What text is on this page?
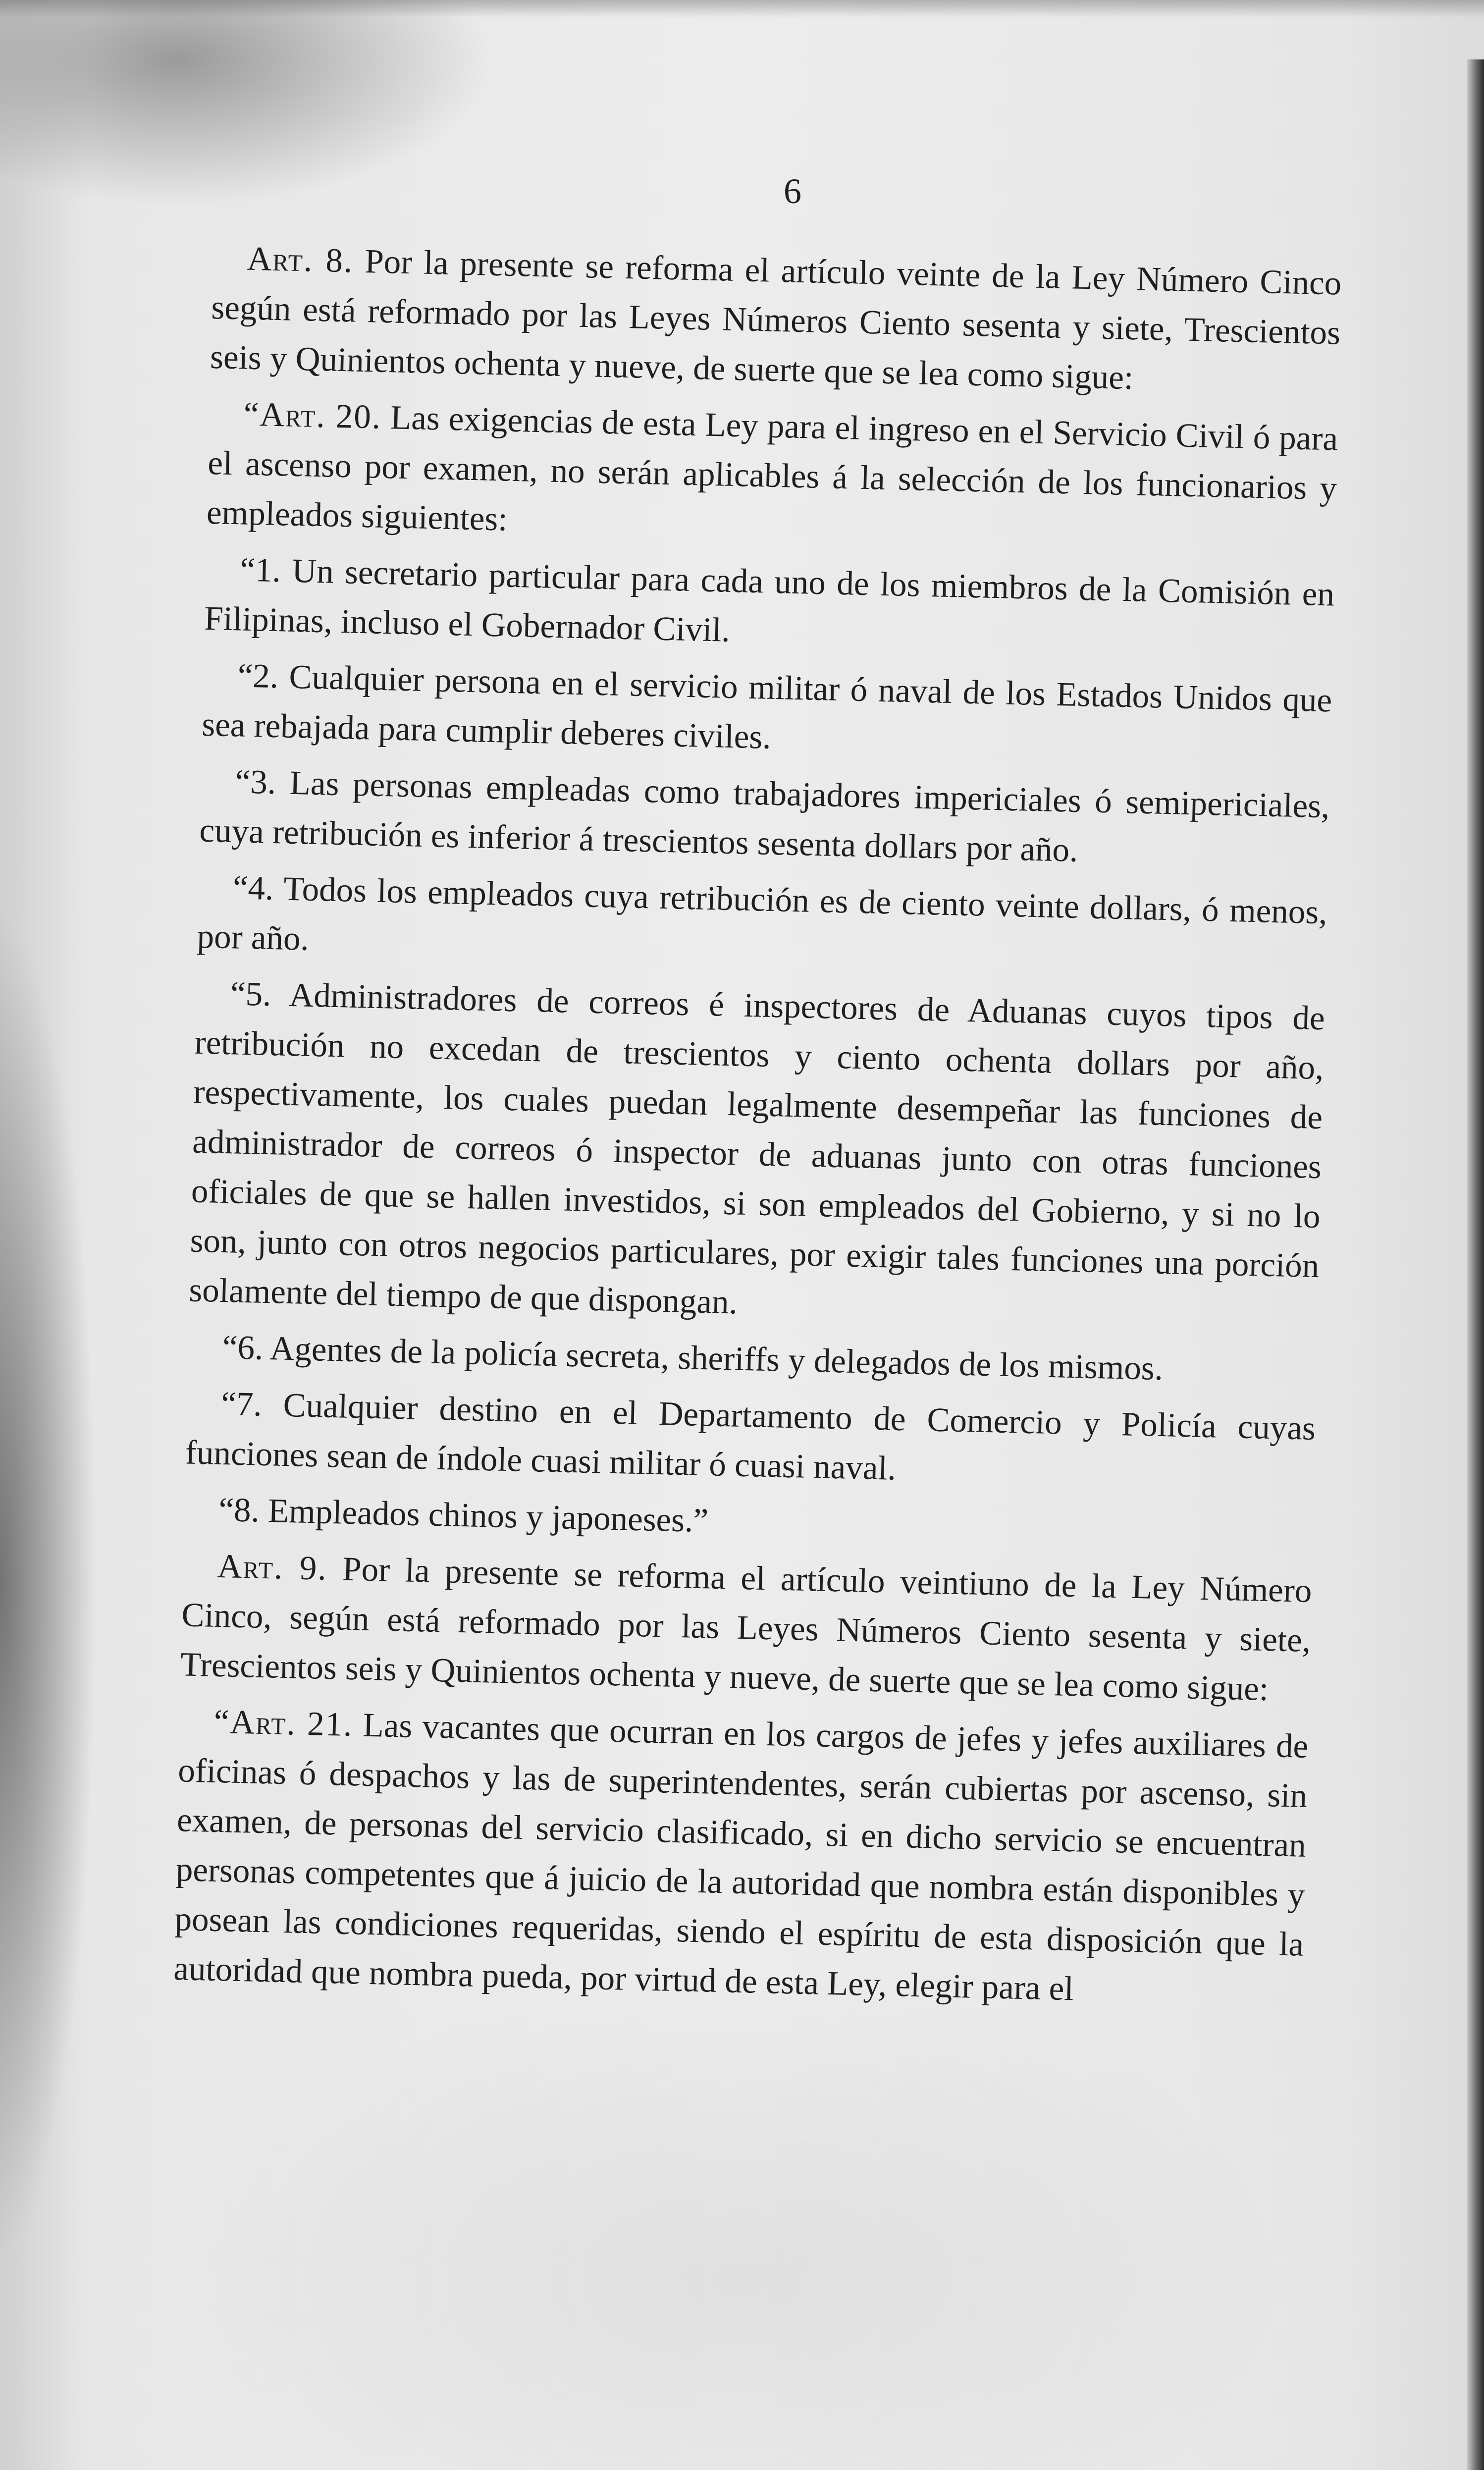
6

Art. 8. Por la presente se reforma el artículo veinte de la Ley Número Cinco según está reformado por las Leyes Números Ciento sesenta y siete, Trescientos seis y Quinientos ochenta y nueve, de suerte que se lea como sigue:

“Art. 20. Las exigencias de esta Ley para el ingreso en el Servicio Civil ó para el ascenso por examen, no serán aplicables á la selección de los funcionarios y empleados siguientes:

“1. Un secretario particular para cada uno de los miembros de la Comisión en Filipinas, incluso el Gobernador Civil.

“2. Cualquier persona en el servicio militar ó naval de los Estados Unidos que sea rebajada para cumplir deberes civiles.

“3. Las personas empleadas como trabajadores impericiales ó semipericiales, cuya retribución es inferior á trescientos sesenta dollars por año.

“4. Todos los empleados cuya retribución es de ciento veinte dollars, ó menos, por año.

“5. Administradores de correos é inspectores de Aduanas cuyos tipos de retribución no excedan de trescientos y ciento ochenta dollars por año, respectivamente, los cuales puedan legalmente desempeñar las funciones de administrador de correos ó inspector de aduanas junto con otras funciones oficiales de que se hallen investidos, si son empleados del Gobierno, y si no lo son, junto con otros negocios particulares, por exigir tales funciones una porción solamente del tiempo de que dispongan.

“6. Agentes de la policía secreta, sheriffs y delegados de los mismos.

“7. Cualquier destino en el Departamento de Comercio y Policía cuyas funciones sean de índole cuasi militar ó cuasi naval.

“8. Empleados chinos y japoneses.”

Art. 9. Por la presente se reforma el artículo veintiuno de la Ley Número Cinco, según está reformado por las Leyes Números Ciento sesenta y siete, Trescientos seis y Quinientos ochenta y nueve, de suerte que se lea como sigue:

“Art. 21. Las vacantes que ocurran en los cargos de jefes y jefes auxiliares de oficinas ó despachos y las de superintendentes, serán cubiertas por ascenso, sin examen, de personas del servicio clasificado, si en dicho servicio se encuentran personas competentes que á juicio de la autoridad que nombra están disponibles y posean las condiciones requeridas, siendo el espíritu de esta disposición que la autoridad que nombra pueda, por virtud de esta Ley, elegir para el
